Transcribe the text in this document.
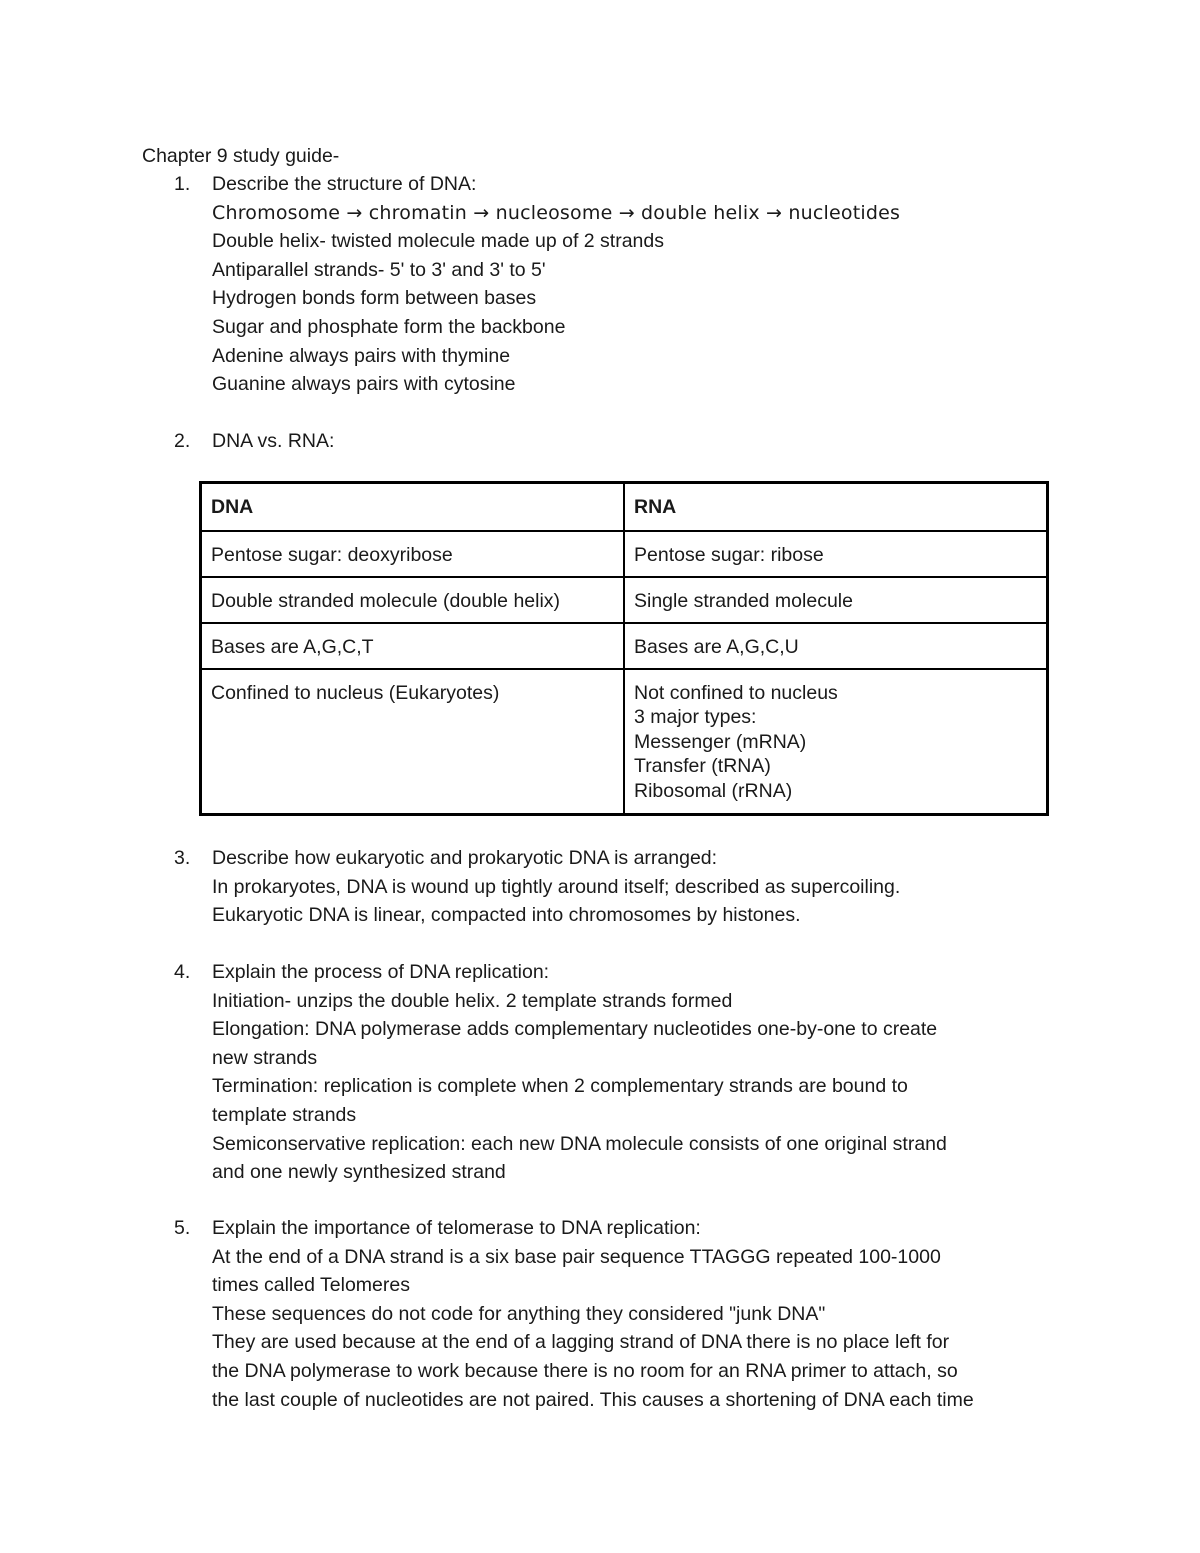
Chapter 9 study guide-
1. Describe the structure of DNA:
Chromosome → chromatin → nucleosome → double helix → nucleotides
Double helix- twisted molecule made up of 2 strands
Antiparallel strands- 5' to 3' and 3' to 5'
Hydrogen bonds form between bases
Sugar and phosphate form the backbone
Adenine always pairs with thymine
Guanine always pairs with cytosine
2. DNA vs. RNA:
DNA	RNA
Pentose sugar: deoxyribose	Pentose sugar: ribose
Double stranded molecule (double helix)	Single stranded molecule
Bases are A,G,C,T	Bases are A,G,C,U
Confined to nucleus (Eukaryotes)	Not confined to nucleus
3 major types:
Messenger (mRNA)
Transfer (tRNA)
Ribosomal (rRNA)
3. Describe how eukaryotic and prokaryotic DNA is arranged:
In prokaryotes, DNA is wound up tightly around itself; described as supercoiling.
Eukaryotic DNA is linear, compacted into chromosomes by histones.
4. Explain the process of DNA replication:
Initiation- unzips the double helix. 2 template strands formed
Elongation: DNA polymerase adds complementary nucleotides one-by-one to create
new strands
Termination: replication is complete when 2 complementary strands are bound to
template strands
Semiconservative replication: each new DNA molecule consists of one original strand
and one newly synthesized strand
5. Explain the importance of telomerase to DNA replication:
At the end of a DNA strand is a six base pair sequence TTAGGG repeated 100-1000
times called Telomeres
These sequences do not code for anything they considered "junk DNA"
They are used because at the end of a lagging strand of DNA there is no place left for
the DNA polymerase to work because there is no room for an RNA primer to attach, so
the last couple of nucleotides are not paired. This causes a shortening of DNA each time
